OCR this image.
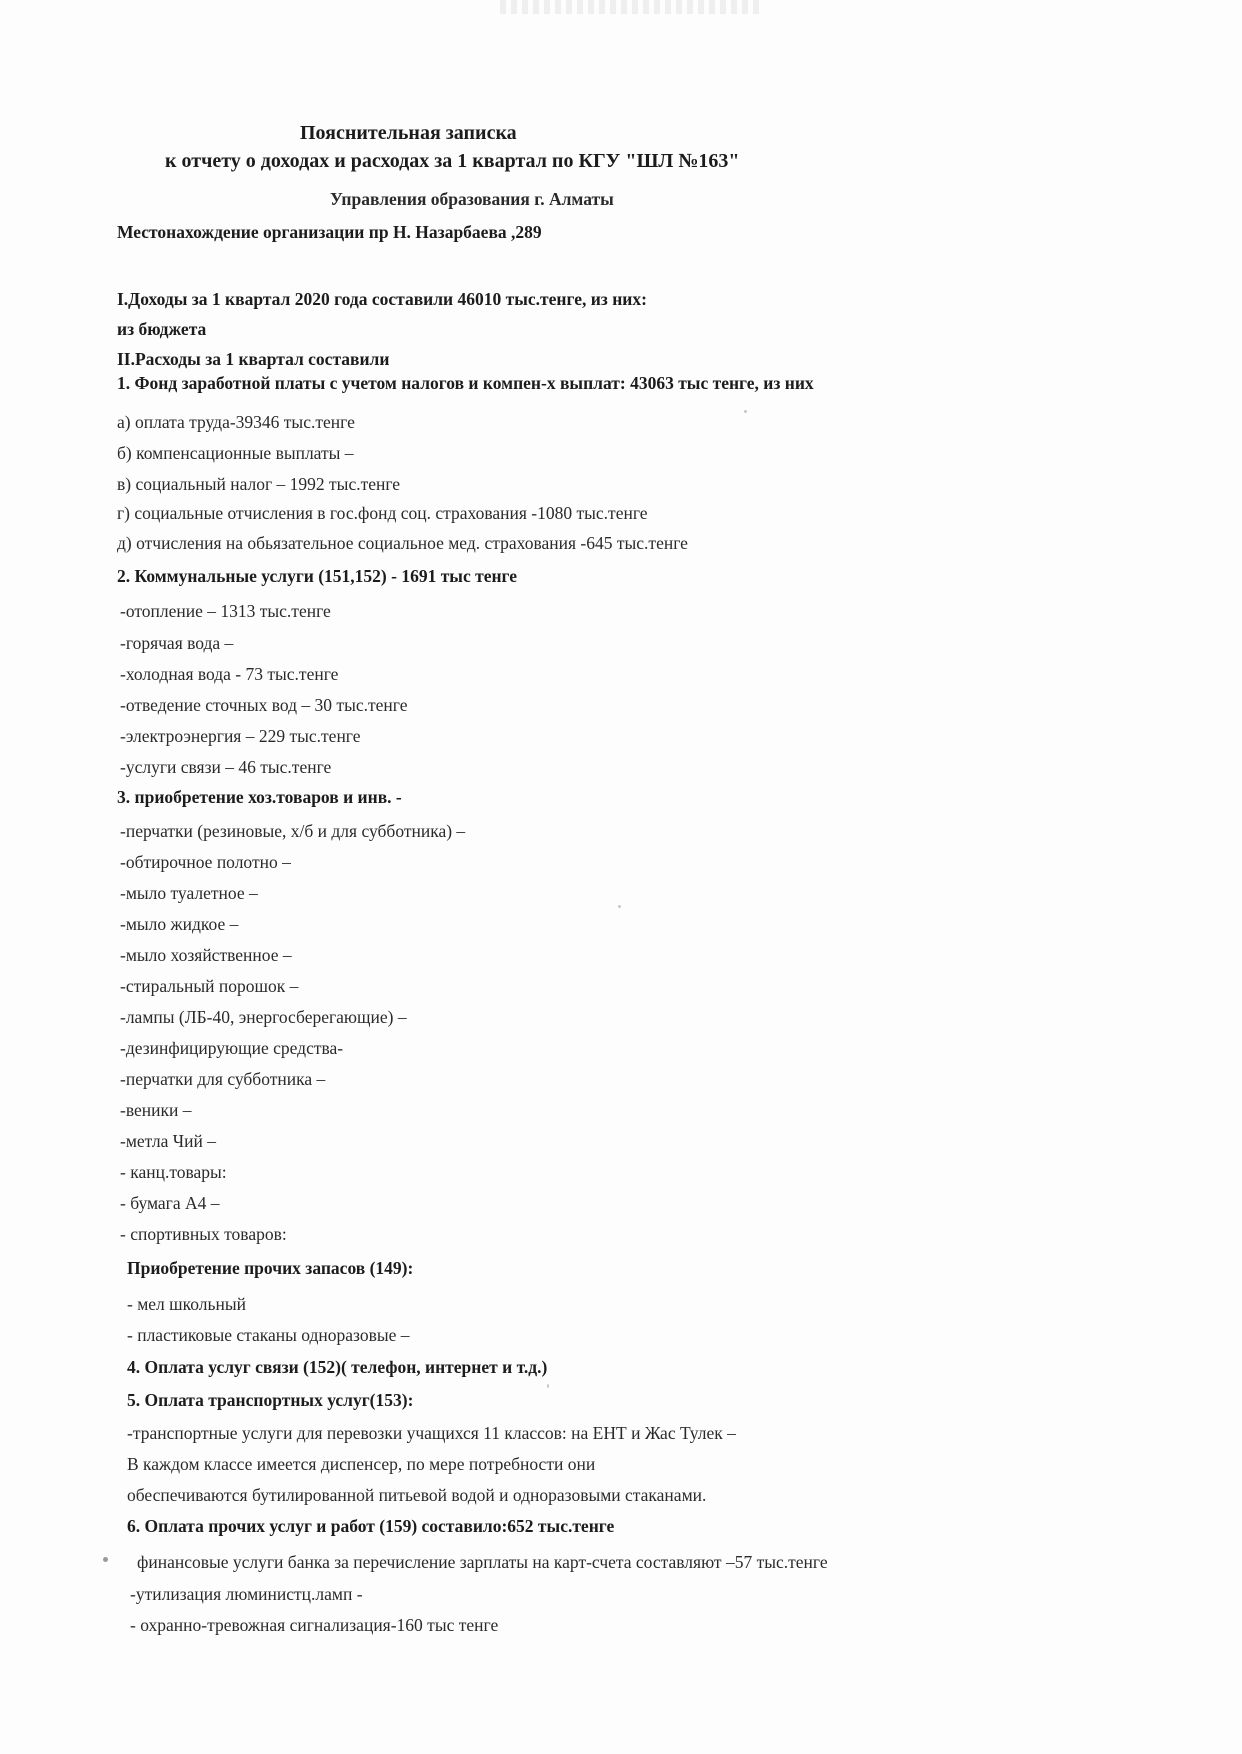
Пояснительная записка
к отчету о доходах и расходах за 1 квартал по КГУ "ШЛ №163"
Управления образования г. Алматы
Местонахождение организации пр Н. Назарбаева ,289
I.Доходы за 1 квартал 2020 года составили 46010 тыс.тенге, из них:
из бюджета
II.Расходы за 1 квартал составили
1. Фонд заработной платы с учетом налогов и компен-х выплат: 43063 тыс тенге, из них
а) оплата труда-39346 тыс.тенге
б) компенсационные выплаты –
в) социальный налог – 1992 тыс.тенге
г) социальные отчисления в гос.фонд соц. страхования -1080 тыс.тенге
д) отчисления на обьязательное социальное мед. страхования -645 тыс.тенге
2. Коммунальные услуги (151,152) - 1691 тыс тенге
-отопление – 1313 тыс.тенге
-горячая вода –
-холодная вода - 73 тыс.тенге
-отведение сточных вод – 30 тыс.тенге
-электроэнергия – 229 тыс.тенге
-услуги связи – 46 тыс.тенге
3. приобретение хоз.товаров и инв. -
-перчатки (резиновые, х/б и для субботника) –
-обтирочное полотно –
-мыло туалетное –
-мыло жидкое –
-мыло хозяйственное –
-стиральный порошок –
-лампы (ЛБ-40, энергосберегающие) –
-дезинфицирующие средства-
-перчатки для субботника –
-веники –
-метла Чий –
- канц.товары:
- бумага А4 –
- спортивных товаров:
Приобретение прочих запасов (149):
- мел школьный
- пластиковые стаканы одноразовые –
4. Оплата услуг связи (152)( телефон, интернет и т.д.)
5. Оплата транспортных услуг(153):
-транспортные услуги для перевозки учащихся 11 классов: на ЕНТ и Жас Тулек –
В каждом классе имеется диспенсер, по мере потребности они
обеспечиваются бутилированной питьевой водой и одноразовыми стаканами.
6. Оплата прочих услуг и работ (159) составило:652 тыс.тенге
финансовые услуги банка за перечисление зарплаты на карт-счета составляют –57 тыс.тенге
-утилизация люминистц.ламп -
- охранно-тревожная сигнализация-160 тыс тенге
